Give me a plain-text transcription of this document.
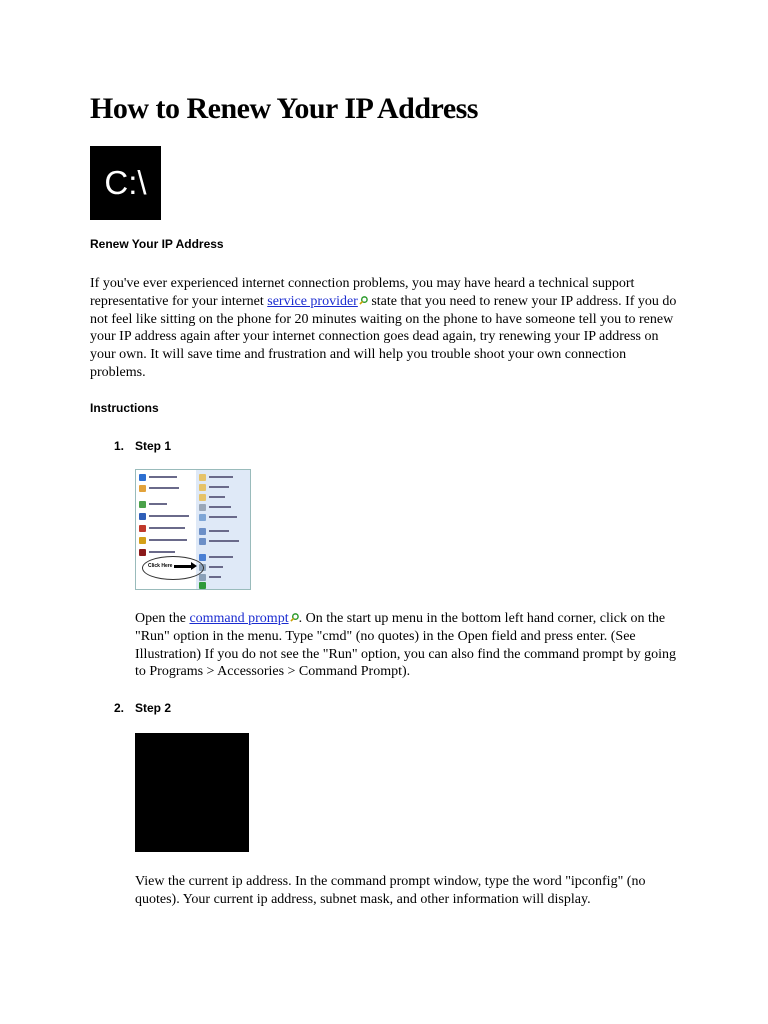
How to Renew Your IP Address
C:\
Renew Your IP Address

If you've ever experienced internet connection problems, you may have heard a technical support representative for your internet service provider state that you need to renew your IP address. If you do not feel like sitting on the phone for 20 minutes waiting on the phone to have someone tell you to renew your IP address again after your internet connection goes dead again, try renewing your IP address on your own. It will save time and frustration and will help you trouble shoot your own connection problems.

Instructions
1. Step 1
Click Here

Open the command prompt . On the start up menu in the bottom left hand corner, click on the "Run" option in the menu. Type "cmd" (no quotes) in the Open field and press enter. (See Illustration) If you do not see the "Run" option, you can also find the command prompt by going to Programs > Accessories > Command Prompt).

2. Step 2

View the current ip address. In the command prompt window, type the word "ipconfig" (no quotes). Your current ip address, subnet mask, and other information will display.
